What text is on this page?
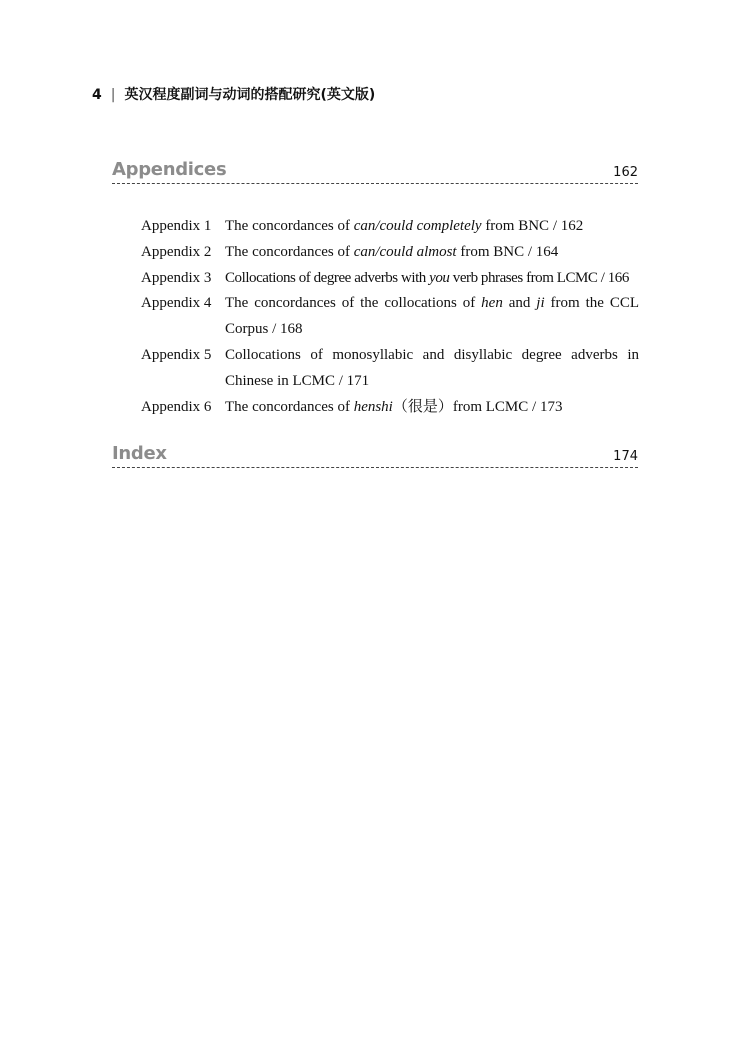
4 | 英汉程度副词与动词的搭配研究(英文版)
Appendices	162
Appendix 1 The concordances of can/could completely from BNC / 162
Appendix 2 The concordances of can/could almost from BNC / 164
Appendix 3 Collocations of degree adverbs with you verb phrases from LCMC / 166
Appendix 4 The concordances of the collocations of hen and ji from the CCL Corpus / 168
Appendix 5 Collocations of monosyllabic and disyllabic degree adverbs in Chinese in LCMC / 171
Appendix 6 The concordances of henshi（很是）from LCMC / 173
Index	174
